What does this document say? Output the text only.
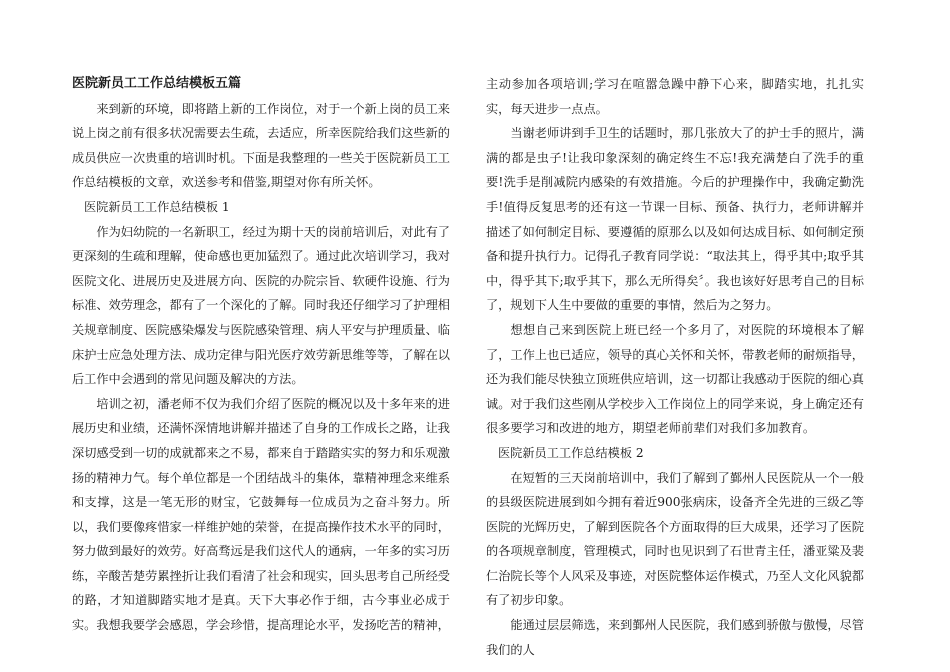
医院新员工工作总结模板五篇

来到新的环境，即将踏上新的工作岗位，对于一个新上岗的员工来说上岗之前有很多状况需要去生疏，去适应，所幸医院给我们这些新的成员供应一次贵重的培训时机。下面是我整理的一些关于医院新员工工作总结模板的文章，欢送参考和借鉴,期望对你有所关怀。

医院新员工工作总结模板 1

作为妇幼院的一名新职工，经过为期十天的岗前培训后，对此有了更深刻的生疏和理解，使命感也更加猛烈了。通过此次培训学习，我对医院文化、进展历史及进展方向、医院的办院宗旨、软硬件设施、行为标准、效劳理念，都有了一个深化的了解。同时我还仔细学习了护理相关规章制度、医院感染爆发与医院感染管理、病人平安与护理质量、临床护士应急处理方法、成功定律与阳光医疗效劳新思维等等，了解在以后工作中会遇到的常见问题及解决的方法。

培训之初，潘老师不仅为我们介绍了医院的概况以及十多年来的进展历史和业绩，还满怀深情地讲解并描述了自身的工作成长之路，让我深切感受到一切的成就都来之不易，都来自于踏踏实实的努力和乐观激扬的精神力气。每个单位都是一个团结战斗的集体，靠精神理念来维系和支撑，这是一笔无形的财宝，它鼓舞每一位成员为之奋斗努力。所以，我们要像疼惜家一样维护她的荣誉，在提高操作技术水平的同时，努力做到最好的效劳。好高骛远是我们这代人的通病，一年多的实习历练，辛酸苦楚劳累挫折让我们看清了社会和现实，回头思考自己所经受的路，才知道脚踏实地才是真。天下大事必作于细，古今事业必成于实。我想我要学会感恩，学会珍惜，提高理论水平，发扬吃苦的精神，

主动参加各项培训;学习在喧嚣急躁中静下心来，脚踏实地，扎扎实实，每天进步一点点。

当谢老师讲到手卫生的话题时，那几张放大了的护士手的照片，满满的都是虫子!让我印象深刻的确定终生不忘!我充满楚白了洗手的重要!洗手是削减院内感染的有效措施。今后的护理操作中，我确定勤洗手!值得反复思考的还有这一节课一目标、预备、执行力，老师讲解并描述了如何制定目标、要遵循的原那么以及如何达成目标、如何制定预备和提升执行力。记得孔子教育同学说：“取法其上，得乎其中;取乎其中，得乎其下;取乎其下，那么无所得矣〞。我也该好好思考自己的目标了，规划下人生中要做的重要的事情，然后为之努力。

想想自己来到医院上班已经一个多月了，对医院的环境根本了解了，工作上也已适应，领导的真心关怀和关怀，带教老师的耐烦指导，还为我们能尽快独立顶班供应培训，这一切都让我感动于医院的细心真诚。对于我们这些刚从学校步入工作岗位上的同学来说，身上确定还有很多要学习和改进的地方，期望老师前辈们对我们多加教育。

医院新员工工作总结模板 2

在短暂的三天岗前培训中，我们了解到了鄞州人民医院从一个一般的县级医院进展到如今拥有着近900张病床，设备齐全先进的三级乙等医院的光辉历史，了解到医院各个方面取得的巨大成果，还学习了医院的各项规章制度，管理模式，同时也见识到了石世青主任，潘亚粱及裴仁治院长等个人风采及事迹，对医院整体运作模式，乃至人文化风貌都有了初步印象。

能通过层层筛选，来到鄞州人民医院，我们感到骄傲与傲慢，尽管我们的人
